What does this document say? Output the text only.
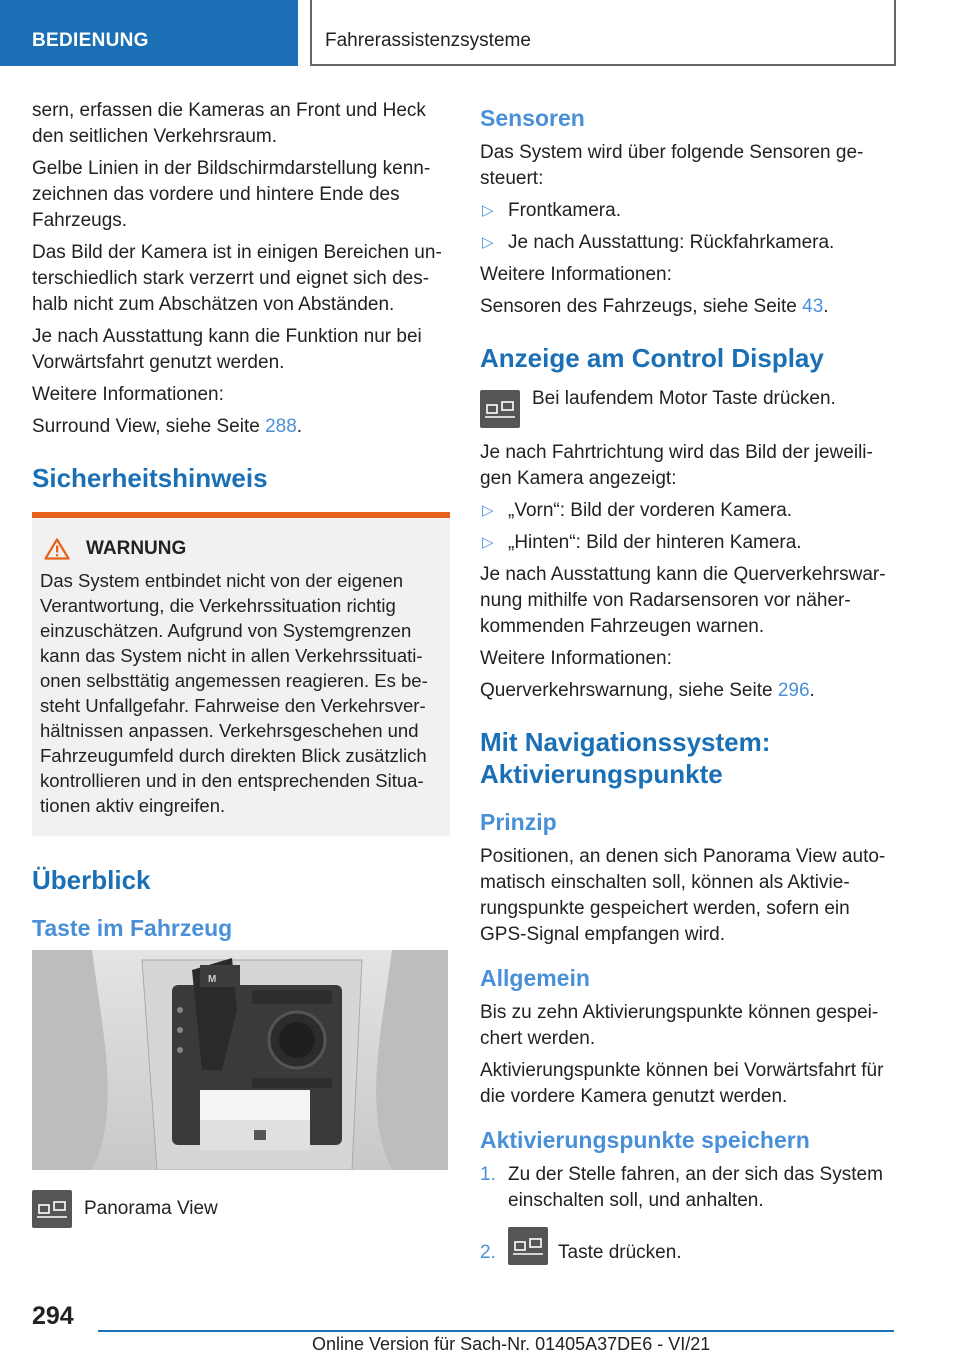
BEDIENUNG	Fahrerassistenzsysteme

sern, erfassen die Kameras an Front und Heck den seitlichen Verkehrsraum.

Gelbe Linien in der Bildschirmdarstellung kennzeichnen das vordere und hintere Ende des Fahrzeugs.

Das Bild der Kamera ist in einigen Bereichen unterschiedlich stark verzerrt und eignet sich deshalb nicht zum Abschätzen von Abständen.

Je nach Ausstattung kann die Funktion nur bei Vorwärtsfahrt genutzt werden.

Weitere Informationen:

Surround View, siehe Seite 288.

Sicherheitshinweis
WARNUNG

Das System entbindet nicht von der eigenen Verantwortung, die Verkehrssituation richtig einzuschätzen. Aufgrund von Systemgrenzen kann das System nicht in allen Verkehrssituationen selbsttätig angemessen reagieren. Es besteht Unfallgefahr. Fahrweise den Verkehrsverhältnissen anpassen. Verkehrsgeschehen und Fahrzeugumfeld durch direkten Blick zusätzlich kontrollieren und in den entsprechenden Situationen aktiv eingreifen.

Überblick
Taste im Fahrzeug
M
Panorama View
Sensoren

Das System wird über folgende Sensoren gesteuert:

▷ Frontkamera.
▷ Je nach Ausstattung: Rückfahrkamera.

Weitere Informationen:

Sensoren des Fahrzeugs, siehe Seite 43.

Anzeige am Control Display
Bei laufendem Motor Taste drücken.

Je nach Fahrtrichtung wird das Bild der jeweiligen Kamera angezeigt:

▷ „Vorn“: Bild der vorderen Kamera.
▷ „Hinten“: Bild der hinteren Kamera.

Je nach Ausstattung kann die Querverkehrswarnung mithilfe von Radarsensoren vor näherkommenden Fahrzeugen warnen.

Weitere Informationen:

Querverkehrswarnung, siehe Seite 296.

Mit Navigationssystem: Aktivierungspunkte
Prinzip

Positionen, an denen sich Panorama View automatisch einschalten soll, können als Aktivierungspunkte gespeichert werden, sofern ein GPS-Signal empfangen wird.

Allgemein

Bis zu zehn Aktivierungspunkte können gespeichert werden.

Aktivierungspunkte können bei Vorwärtsfahrt für die vordere Kamera genutzt werden.

Aktivierungspunkte speichern
1. Zu der Stelle fahren, an der sich das System einschalten soll, und anhalten.
2.	Taste drücken.
294
Online Version für Sach-Nr. 01405A37DE6 - VI/21
